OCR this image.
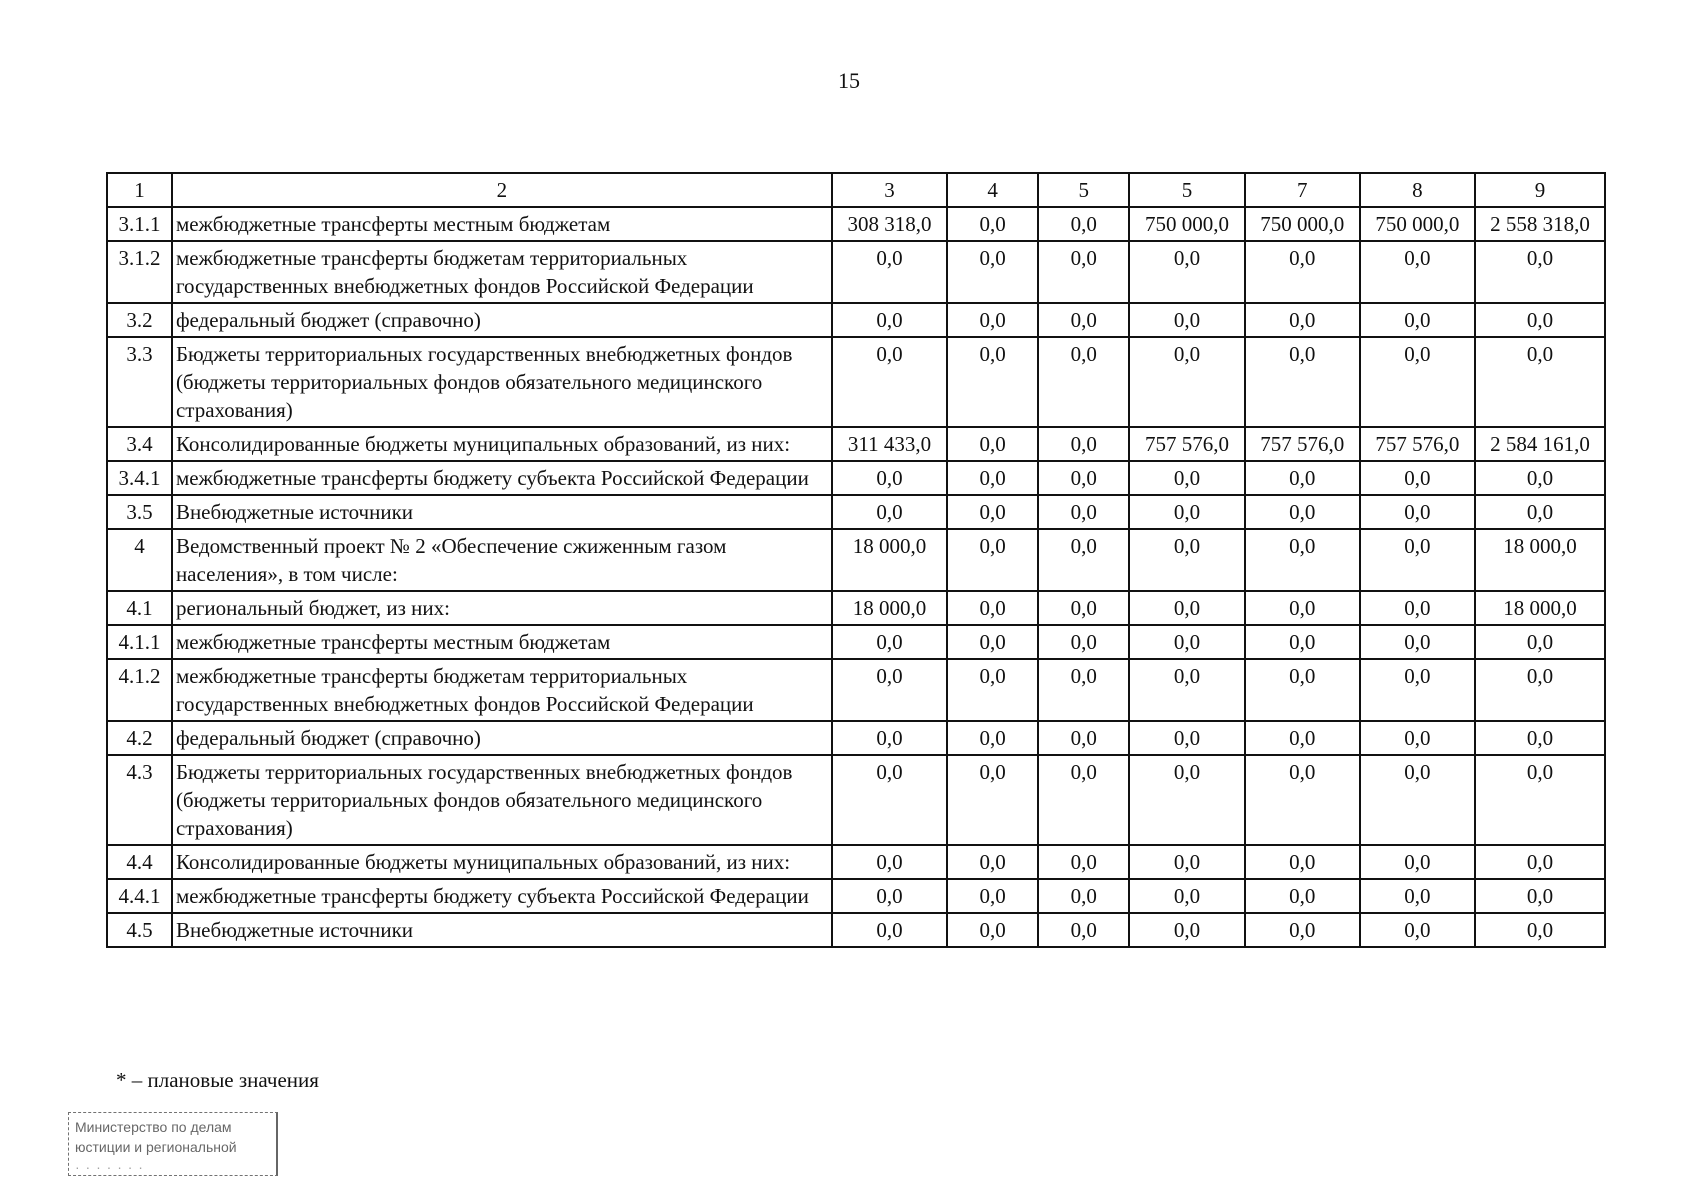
15
1	2	3	4	5	5	7	8	9
3.1.1	межбюджетные трансферты местным бюджетам	308 318,0	0,0	0,0	750 000,0	750 000,0	750 000,0	2 558 318,0
3.1.2	межбюджетные трансферты бюджетам территориальных государственных внебюджетных фондов Российской Федерации	0,0	0,0	0,0	0,0	0,0	0,0	0,0
3.2	федеральный бюджет (справочно)	0,0	0,0	0,0	0,0	0,0	0,0	0,0
3.3	Бюджеты территориальных государственных внебюджетных фондов (бюджеты территориальных фондов обязательного медицинского страхования)	0,0	0,0	0,0	0,0	0,0	0,0	0,0
3.4	Консолидированные бюджеты муниципальных образований, из них:	311 433,0	0,0	0,0	757 576,0	757 576,0	757 576,0	2 584 161,0
3.4.1	межбюджетные трансферты бюджету субъекта Российской Федерации	0,0	0,0	0,0	0,0	0,0	0,0	0,0
3.5	Внебюджетные источники	0,0	0,0	0,0	0,0	0,0	0,0	0,0
4	Ведомственный проект № 2 «Обеспечение сжиженным газом населения», в том числе:	18 000,0	0,0	0,0	0,0	0,0	0,0	18 000,0
4.1	региональный бюджет, из них:	18 000,0	0,0	0,0	0,0	0,0	0,0	18 000,0
4.1.1	межбюджетные трансферты местным бюджетам	0,0	0,0	0,0	0,0	0,0	0,0	0,0
4.1.2	межбюджетные трансферты бюджетам территориальных государственных внебюджетных фондов Российской Федерации	0,0	0,0	0,0	0,0	0,0	0,0	0,0
4.2	федеральный бюджет (справочно)	0,0	0,0	0,0	0,0	0,0	0,0	0,0
4.3	Бюджеты территориальных государственных внебюджетных фондов (бюджеты территориальных фондов обязательного медицинского страхования)	0,0	0,0	0,0	0,0	0,0	0,0	0,0
4.4	Консолидированные бюджеты муниципальных образований, из них:	0,0	0,0	0,0	0,0	0,0	0,0	0,0
4.4.1	межбюджетные трансферты бюджету субъекта Российской Федерации	0,0	0,0	0,0	0,0	0,0	0,0	0,0
4.5	Внебюджетные источники	0,0	0,0	0,0	0,0	0,0	0,0	0,0
* – плановые значения
Министерство по делам
юстиции и региональной
· · · · · · ·
